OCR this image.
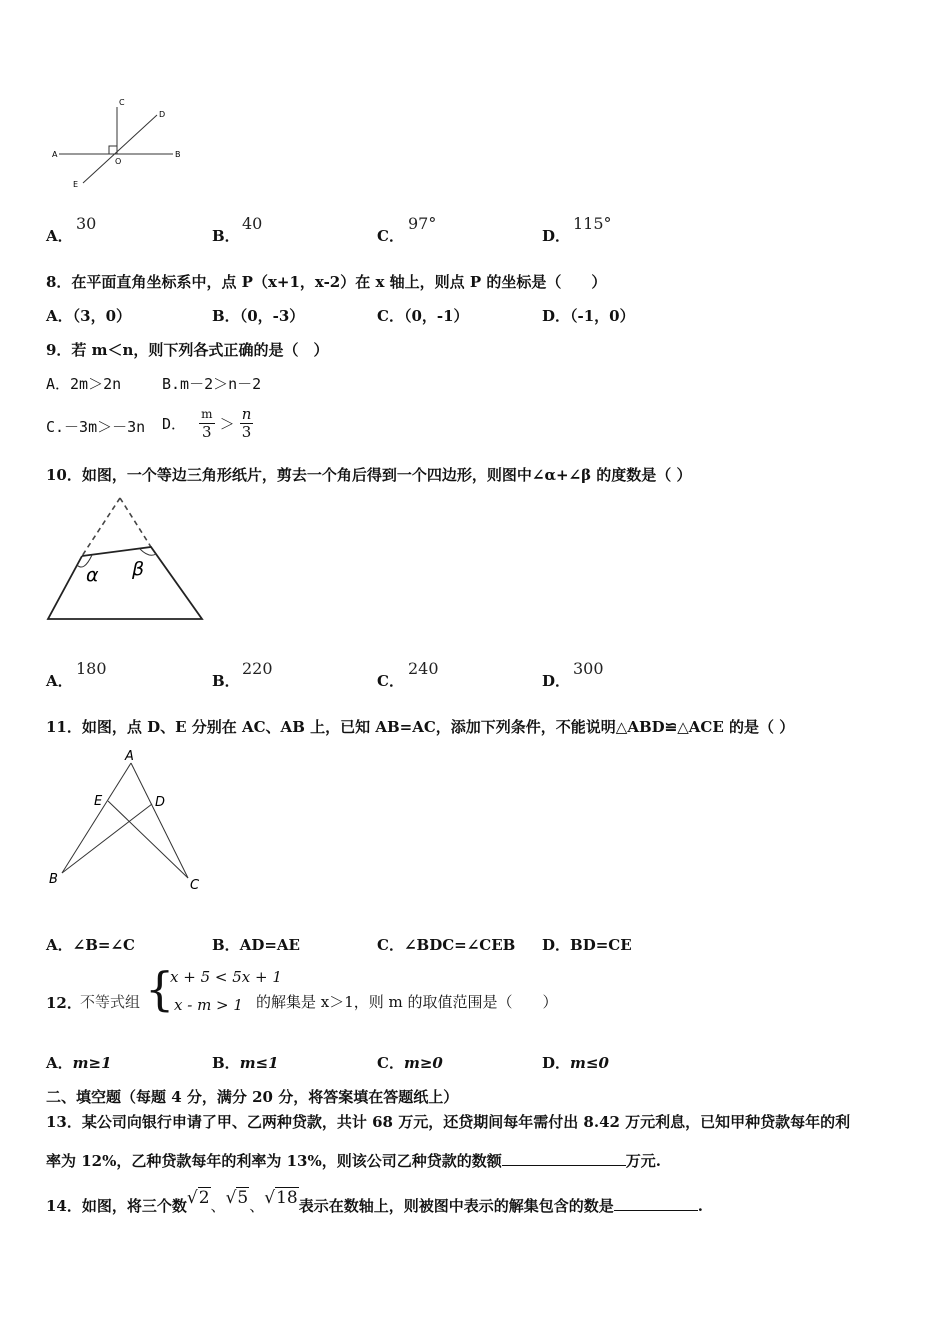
A	B
C
D
E
O
A．
30
B．
40
C．
97°
D．
115°
8．在平面直角坐标系中，点 P（x+1，x-2）在 x 轴上，则点 P 的坐标是（　　）
A．（3，0）	B．（0，-3）	C．（0，-1）	D．（-1，0）
9．若 m＜n，则下列各式正确的是（　）
A．2m＞2n	B.m－2＞n－2
C.－3m＞－3n D． $\frac{m}{3} > \frac{n}{3}$
10．如图，一个等边三角形纸片，剪去一个角后得到一个四边形，则图中∠α+∠β 的度数是（ ）
α β
A．
180
B．
220
C．
240
D．
300
11．如图，点 D、E 分别在 AC、AB 上，已知 AB=AC，添加下列条件，不能说明△ABD≌△ACE 的是（ ）
A
E	D
B	C
A．∠B=∠C	B．AD=AE	C．∠BDC=∠CEB D．BD=CE
12．
不等式组 {
x + 5 < 5x + 1
x - m > 1 的解集是 x＞1，则 m 的取值范围是（　　）
A．m≥1	B．m≤1	C．m≥0	D．m≤0
二、填空题（每题 4 分，满分 20 分，将答案填在答题纸上）
13．某公司向银行申请了甲、乙两种贷款，共计 68 万元，还贷期间每年需付出 8.42 万元利息，已知甲种贷款每年的利
率为 12%，乙种贷款每年的利率为 13%，则该公司乙种贷款的数额	万元.
14．如图，将三个数√2、√5、√18表示在数轴上，则被图中表示的解集包含的数是	.
